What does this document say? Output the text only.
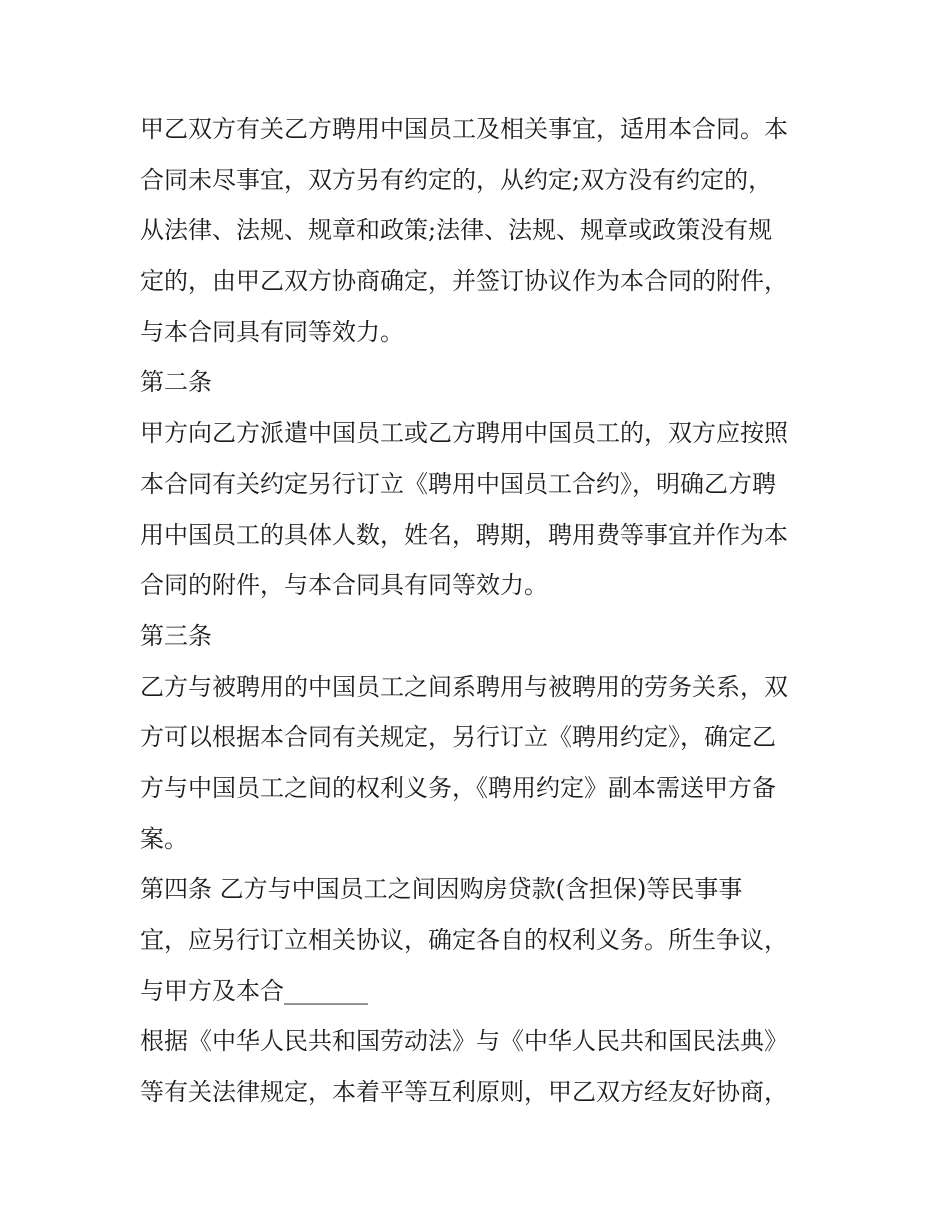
甲乙双方有关乙方聘用中国员工及相关事宜，适用本合同。本
合同未尽事宜，双方另有约定的，从约定;双方没有约定的，
从法律、法规、规章和政策;法律、法规、规章或政策没有规
定的，由甲乙双方协商确定，并签订协议作为本合同的附件，
与本合同具有同等效力。
第二条
甲方向乙方派遣中国员工或乙方聘用中国员工的，双方应按照
本合同有关约定另行订立《聘用中国员工合约》，明确乙方聘
用中国员工的具体人数，姓名，聘期，聘用费等事宜并作为本
合同的附件，与本合同具有同等效力。
第三条
乙方与被聘用的中国员工之间系聘用与被聘用的劳务关系，双
方可以根据本合同有关规定，另行订立《聘用约定》，确定乙
方与中国员工之间的权利义务，《聘用约定》副本需送甲方备
案。
第四条 乙方与中国员工之间因购房贷款(含担保)等民事事
宜，应另行订立相关协议，确定各自的权利义务。所生争议，
与甲方及本合_______
根据《中华人民共和国劳动法》与《中华人民共和国民法典》
等有关法律规定，本着平等互利原则，甲乙双方经友好协商，
